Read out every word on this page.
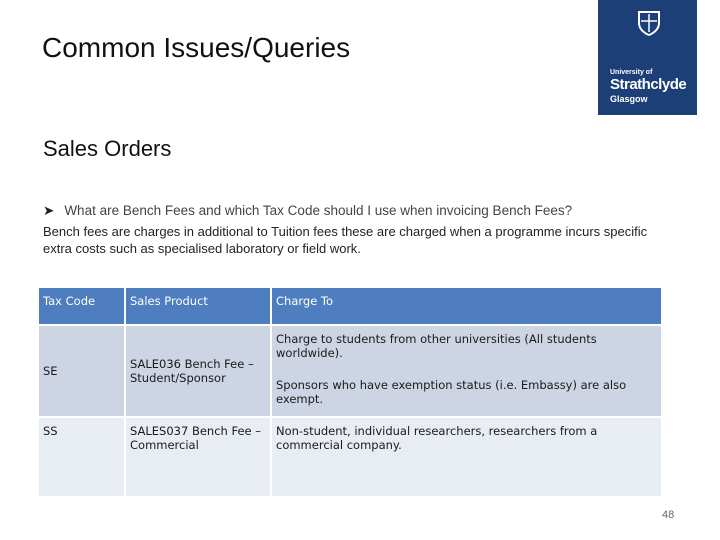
Common Issues/Queries
University of
Strathclyde
Glasgow
Sales Orders
➤ What are Bench Fees and which Tax Code should I use when invoicing Bench Fees?
Bench fees are charges in additional to Tuition fees these are charged when a programme incurs specific extra costs such as specialised laboratory or field work.
Tax Code	Sales Product	Charge To
SE	SALE036 Bench Fee – Student/Sponsor	Charge to students from other universities (All students worldwide).
Sponsors who have exemption status (i.e. Embassy) are also exempt.
SS	SALES037 Bench Fee – Commercial	Non-student, individual researchers, researchers from a commercial company.
48
